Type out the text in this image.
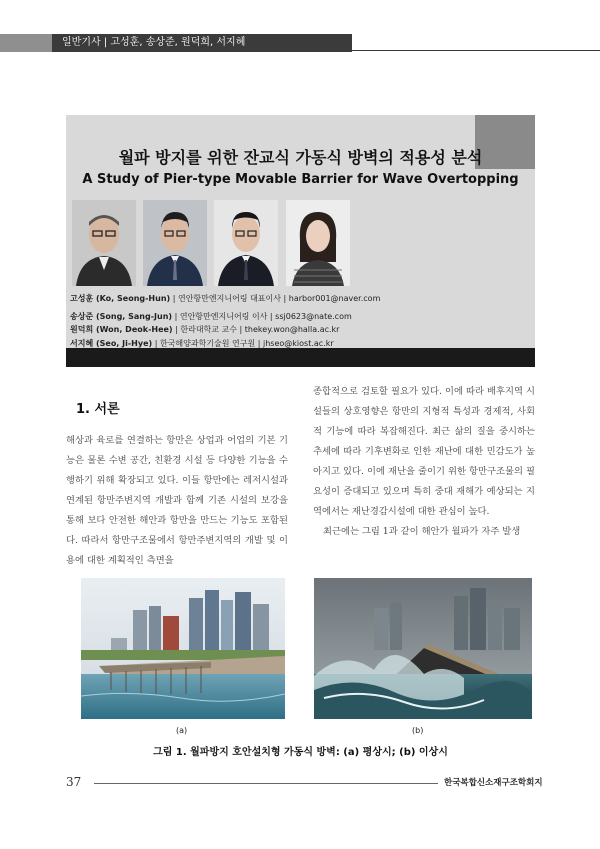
일반기사 | 고성훈, 송상준, 원덕희, 서지혜
월파 방지를 위한 잔교식 가동식 방벽의 적용성 분석
A Study of Pier-type Movable Barrier for Wave Overtopping
고성훈 (Ko, Seong-Hun) | 연안항만엔지니어링 대표이사 | harbor001@naver.com
송상준 (Song, Sang-Jun) | 연안항만엔지니어링 이사 | ssj0623@nate.com
원덕희 (Won, Deok-Hee) | 한라대학교 교수 | thekey.won@halla.ac.kr
서지혜 (Seo, Ji-Hye) | 한국해양과학기술원 연구원 | jhseo@kiost.ac.kr
1. 서론
해상과 육로를 연결하는 항만은 상업과 어업의 기본 기능은 물론 수변 공간, 친환경 시설 등 다양한 기능을 수행하기 위해 확장되고 있다. 이들 항만에는 레저시설과 연계된 항만주변지역 개발과 함께 기존 시설의 보강을 통해 보다 안전한 해안과 항만을 만드는 기능도 포함된다. 따라서 항만구조물에서 항만주변지역의 개발 및 이용에 대한 계획적인 측면을
종합적으로 검토할 필요가 있다. 이에 따라 배후지역 시설들의 상호영향은 항만의 지형적 특성과 경제적, 사회적 기능에 따라 복잡해진다. 최근 삶의 질을 중시하는 추세에 따라 기후변화로 인한 재난에 대한 민감도가 높아지고 있다. 이에 재난을 줄이기 위한 항만구조물의 필요성이 증대되고 있으며 특히 중대 재해가 예상되는 지역에서는 재난경감시설에 대한 관심이 높다.
최근에는 그림 1과 같이 해안가 월파가 자주 발생
(a)	(b)
그림 1. 월파방지 호안설치형 가동식 방벽: (a) 평상시; (b) 이상시
37	한국복합신소재구조학회지
